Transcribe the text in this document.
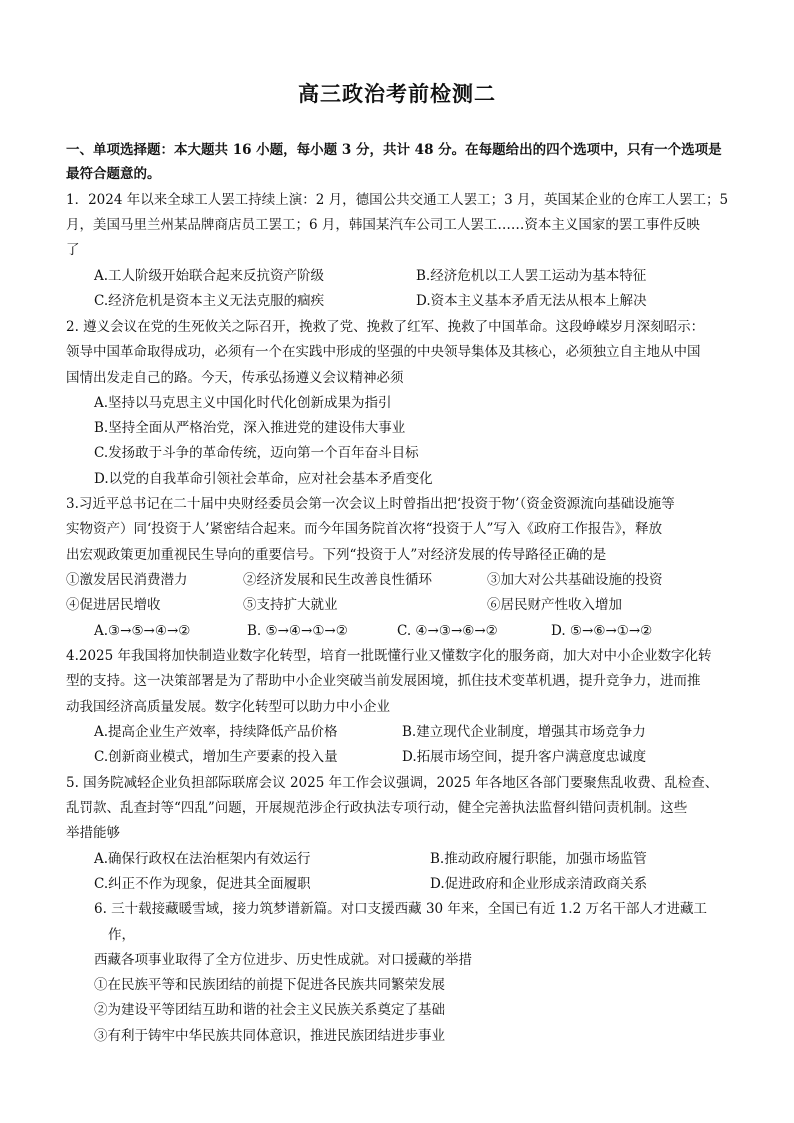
高三政治考前检测二
一、单项选择题：本大题共 16 小题，每小题 3 分，共计 48 分。在每题给出的四个选项中，只有一个选项是
最符合题意的。
1．2024 年以来全球工人罢工持续上演：2 月，德国公共交通工人罢工；3 月，英国某企业的仓库工人罢工；5
月，美国马里兰州某品牌商店员工罢工；6 月，韩国某汽车公司工人罢工……资本主义国家的罢工事件反映
了
A.工人阶级开始联合起来反抗资产阶级	B.经济危机以工人罢工运动为基本特征
C.经济危机是资本主义无法克服的痼疾	D.资本主义基本矛盾无法从根本上解决
2. 遵义会议在党的生死攸关之际召开，挽救了党、挽救了红军、挽救了中国革命。这段峥嵘岁月深刻昭示：
领导中国革命取得成功，必须有一个在实践中形成的坚强的中央领导集体及其核心，必须独立自主地从中国
国情出发走自己的路。今天，传承弘扬遵义会议精神必须
A.坚持以马克思主义中国化时代化创新成果为指引
B.坚持全面从严格治党，深入推进党的建设伟大事业
C.发扬敢于斗争的革命传统，迈向第一个百年奋斗目标
D.以党的自我革命引领社会革命，应对社会基本矛盾变化
3.习近平总书记在二十届中央财经委员会第一次会议上时曾指出把‘投资于物’（资金资源流向基础设施等
实物资产）同‘投资于人’紧密结合起来。而今年国务院首次将“投资于人”写入《政府工作报告》，释放
出宏观政策更加重视民生导向的重要信号。下列“投资于人”对经济发展的传导路径正确的是
①激发居民消费潜力	②经济发展和民生改善良性循环	③加大对公共基础设施的投资
④促进居民增收	⑤支持扩大就业	⑥居民财产性收入增加
A.③→⑤→④→②	B. ⑤→④→①→②	C. ④→③→⑥→②	D. ⑤→⑥→①→②
4.2025 年我国将加快制造业数字化转型，培育一批既懂行业又懂数字化的服务商，加大对中小企业数字化转
型的支持。这一决策部署是为了帮助中小企业突破当前发展困境，抓住技术变革机遇，提升竞争力，进而推
动我国经济高质量发展。数字化转型可以助力中小企业
A.提高企业生产效率，持续降低产品价格	B.建立现代企业制度，增强其市场竞争力
C.创新商业模式，增加生产要素的投入量	D.拓展市场空间，提升客户满意度忠诚度
5. 国务院减轻企业负担部际联席会议 2025 年工作会议强调，2025 年各地区各部门要聚焦乱收费、乱检查、
乱罚款、乱查封等“四乱”问题，开展规范涉企行政执法专项行动，健全完善执法监督纠错问责机制。这些
举措能够
A.确保行政权在法治框架内有效运行	B.推动政府履行职能，加强市场监管
C.纠正不作为现象，促进其全面履职	D.促进政府和企业形成亲清政商关系
6. 三十载接藏暖雪域，接力筑梦谱新篇。对口支援西藏 30 年来，全国已有近 1.2 万名干部人才进藏工
作，
西藏各项事业取得了全方位进步、历史性成就。对口援藏的举措
①在民族平等和民族团结的前提下促进各民族共同繁荣发展
②为建设平等团结互助和谐的社会主义民族关系奠定了基础
③有利于铸牢中华民族共同体意识，推进民族团结进步事业
